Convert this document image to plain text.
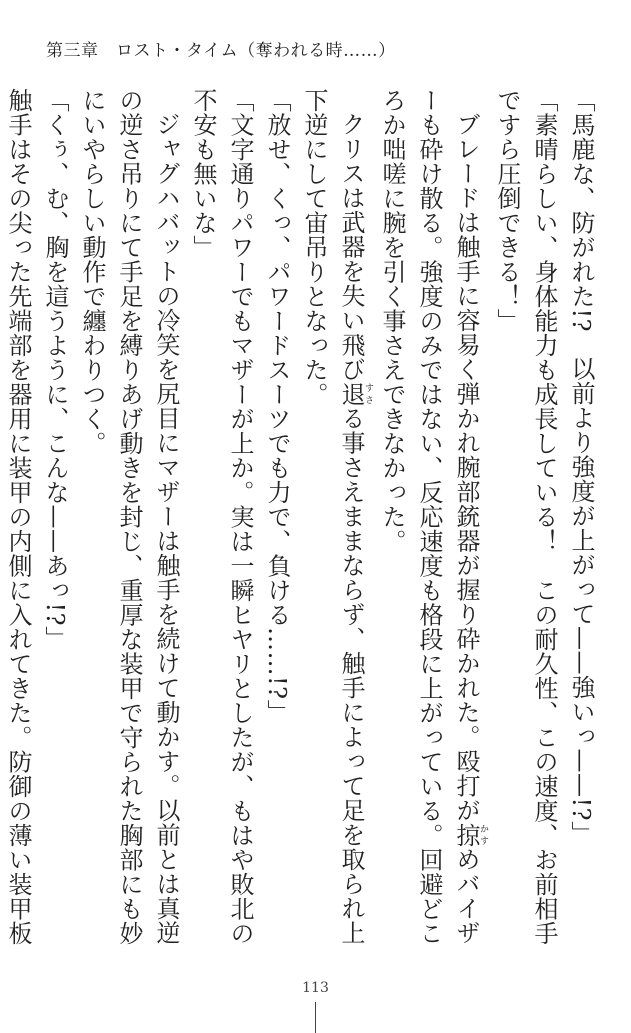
第三章　ロスト・タイム（奪われる時……）

「馬鹿な、防がれた!?　以前より強度が上がって——強いっ——!?」

「素晴らしい、身体能力も成長している！　この耐久性、この速度、お前相手ですら圧倒できる！」

ブレードは触手に容易く弾かれ腕部銃器が握り砕かれた。殴打が掠かすめバイザーも砕け散る。強度のみではない、反応速度も格段に上がっている。回避どころか咄嗟に腕を引く事さえできなかった。

クリスは武器を失い飛び退すさる事さえままならず、触手によって足を取られ上下逆にして宙吊りとなった。

「放せ、くっ、パワードスーツでも力で、負ける……!?」

「文字通りパワーでもマザーが上か。実は一瞬ヒヤリとしたが、もはや敗北の不安も無いな」

ジャグハバットの冷笑を尻目にマザーは触手を続けて動かす。以前とは真逆の逆さ吊りにて手足を縛りあげ動きを封じ、重厚な装甲で守られた胸部にも妙にいやらしい動作で纏わりつく。

「くぅ、む、胸を這うように、こんな——あっ!?」

触手はその尖った先端部を器用に装甲の内側に入れてきた。防御の薄い装甲板

113
